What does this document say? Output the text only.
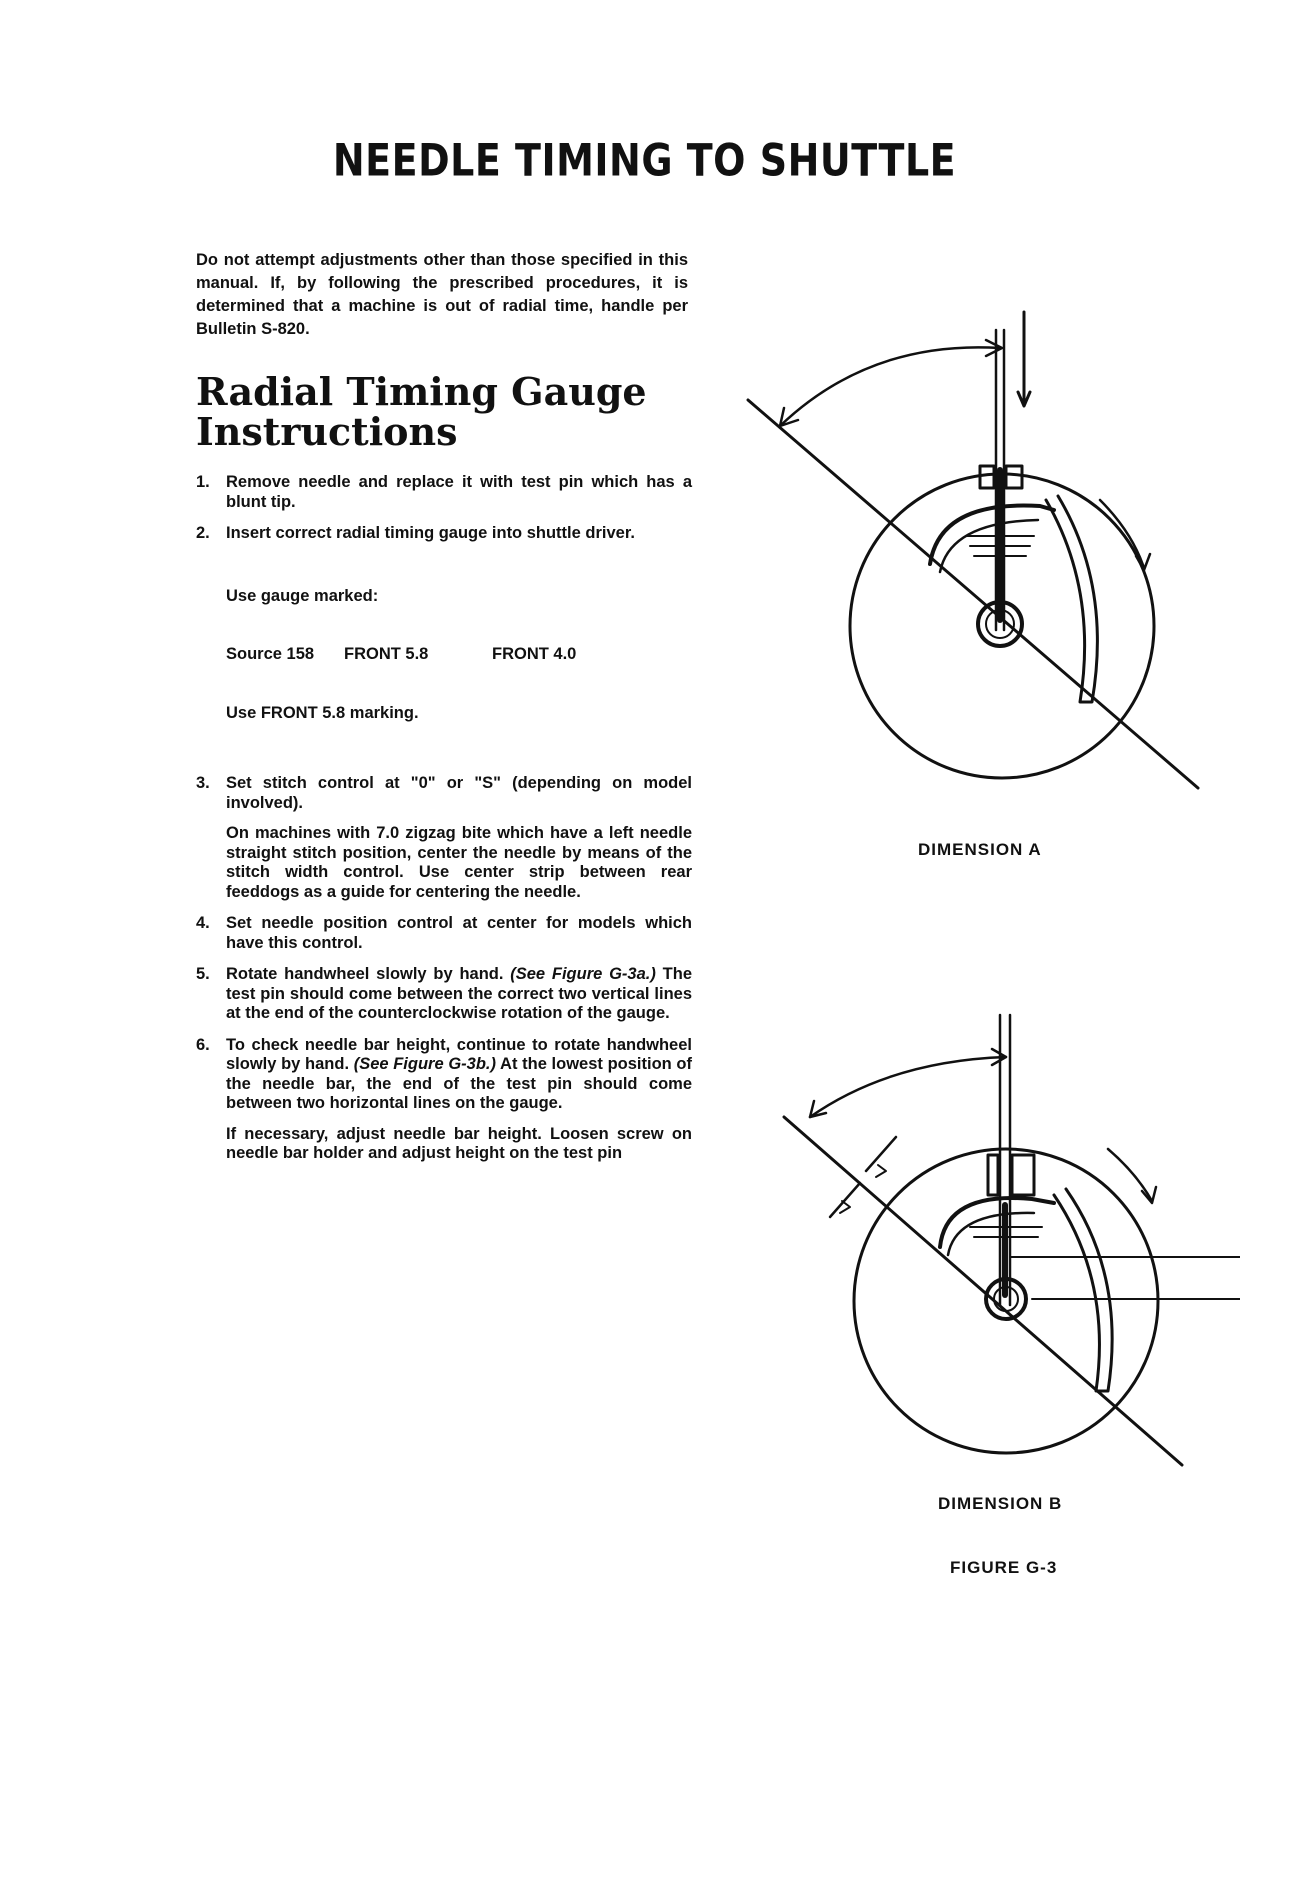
NEEDLE TIMING TO SHUTTLE
Do not attempt adjustments other than those specified in this manual. If, by following the prescribed procedures, it is determined that a machine is out of radial time, handle per Bulletin S-820.
Radial Timing Gauge
Instructions
1. Remove needle and replace it with test pin which has a blunt tip.

2. Insert correct radial timing gauge into shuttle driver.

Use gauge marked:

Source 158 FRONT 5.8	FRONT 4.0

Use FRONT 5.8 marking.

3. Set stitch control at "0" or "S" (depending on model involved).

On machines with 7.0 zigzag bite which have a left needle straight stitch position, center the needle by means of the stitch width control. Use center strip between rear feeddogs as a guide for centering the needle.

4. Set needle position control at center for models which have this control.

5. Rotate handwheel slowly by hand. (See Figure G-3a.) The test pin should come between the correct two vertical lines at the end of the counterclockwise rotation of the gauge.

6. To check needle bar height, continue to rotate handwheel slowly by hand. (See Figure G-3b.) At the lowest position of the needle bar, the end of the test pin should come between two horizontal lines on the gauge.

If necessary, adjust needle bar height. Loosen screw on needle bar holder and adjust height on the test pin

DIMENSION A
DIMENSION B
FIGURE G-3
